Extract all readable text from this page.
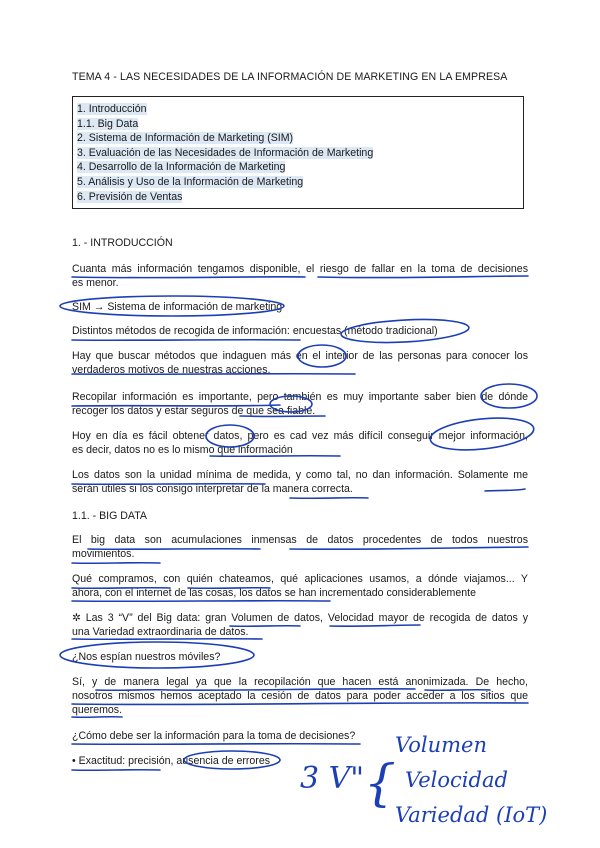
TEMA 4 - LAS NECESIDADES DE LA INFORMACIÓN DE MARKETING EN LA EMPRESA
1. Introducción
1.1. Big Data
2. Sistema de Información de Marketing (SIM)
3. Evaluación de las Necesidades de Información de Marketing
4. Desarrollo de la Información de Marketing
5. Análisis y Uso de la Información de Marketing
6. Previsión de Ventas
1. - INTRODUCCIÓN
Cuanta más información tengamos disponible, el riesgo de fallar en la toma de decisiones
es menor.
SIM → Sistema de información de marketing
Distintos métodos de recogida de información: encuestas (método tradicional)
Hay que buscar métodos que indaguen más en el interior de las personas para conocer los
verdaderos motivos de nuestras acciones.
Recopilar información es importante, pero también es muy importante saber bien de dónde
recoger los datos y estar seguros de que sea fiable.
Hoy en día es fácil obtener datos, pero es cad vez más difícil conseguir mejor información,
es decir, datos no es lo mismo que información
Los datos son la unidad mínima de medida, y como tal, no dan información. Solamente me
serán útiles si los consigo interpretar de la manera correcta.
1.1. - BIG DATA
El big data son acumulaciones inmensas de datos procedentes de todos nuestros
movimientos.
Qué compramos, con quién chateamos, qué aplicaciones usamos, a dónde viajamos... Y
ahora, con el internet de las cosas, los datos se han incrementado considerablemente
✲ Las 3 “V” del Big data: gran Volumen de datos, Velocidad mayor de recogida de datos y
una Variedad extraordinaria de datos.
¿Nos espían nuestros móviles?
Sí, y de manera legal ya que la recopilación que hacen está anonimizada. De hecho,
nosotros mismos hemos aceptado la cesión de datos para poder acceder a los sitios que
queremos.
¿Cómo debe ser la información para la toma de decisiones?
• Exactitud: precisión, ausencia de errores 3 V" {
Volumen
Velocidad
Variedad (IoT)
